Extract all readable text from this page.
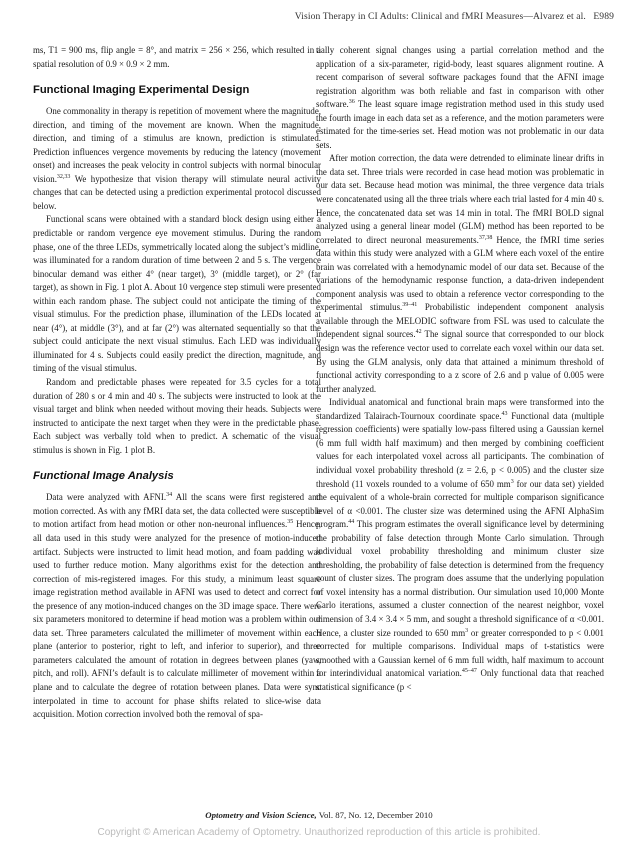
Vision Therapy in CI Adults: Clinical and fMRI Measures—Alvarez et al. E989

ms, T1 = 900 ms, flip angle = 8°, and matrix = 256 × 256, which resulted in a spatial resolution of 0.9 × 0.9 × 2 mm.

Functional Imaging Experimental Design

One commonality in therapy is repetition of movement where the magnitude, direction, and timing of the movement are known. When the magnitude, direction, and timing of a stimulus are known, prediction is stimulated. Prediction influences vergence movements by reducing the latency (movement onset) and increases the peak velocity in control subjects with normal binocular vision.$^{32,33}$ We hypothesize that vision therapy will stimulate neural activity changes that can be detected using a prediction experimental protocol discussed below.

Functional scans were obtained with a standard block design using either a predictable or random vergence eye movement stimulus. During the random phase, one of the three LEDs, symmetrically located along the subject’s midline, was illuminated for a random duration of time between 2 and 5 s. The vergence binocular demand was either 4° (near target), 3° (middle target), or 2° (far target), as shown in Fig. 1 plot A. About 10 vergence step stimuli were presented within each random phase. The subject could not anticipate the timing of the visual stimulus. For the prediction phase, illumination of the LEDs located at near (4°), at middle (3°), and at far (2°) was alternated sequentially so that the subject could anticipate the next visual stimulus. Each LED was individually illuminated for 4 s. Subjects could easily predict the direction, magnitude, and timing of the visual stimulus.

Random and predictable phases were repeated for 3.5 cycles for a total duration of 280 s or 4 min and 40 s. The subjects were instructed to look at the visual target and blink when needed without moving their heads. Subjects were instructed to anticipate the next target when they were in the predictable phase. Each subject was verbally told when to predict. A schematic of the visual stimulus is shown in Fig. 1 plot B.

Functional Image Analysis

Data were analyzed with AFNI.$^{34}$ All the scans were first registered and motion corrected. As with any fMRI data set, the data collected were susceptible to motion artifact from head motion or other non-neuronal influences.$^{35}$ Hence, all data used in this study were analyzed for the presence of motion-induced artifact. Subjects were instructed to limit head motion, and foam padding was used to further reduce motion. Many algorithms exist for the detection and correction of mis-registered images. For this study, a minimum least square image registration method available in AFNI was used to detect and correct for the presence of any motion-induced changes on the 3D image space. There were six parameters monitored to determine if head motion was a problem within our data set. Three parameters calculated the millimeter of movement within each plane (anterior to posterior, right to left, and inferior to superior), and three parameters calculated the amount of rotation in degrees between planes (yaw, pitch, and roll). AFNI’s default is to calculate millimeter of movement within a plane and to calculate the degree of rotation between planes. Data were sync interpolated in time to account for phase shifts related to slice-wise data acquisition. Motion correction involved both the removal of spa-

tially coherent signal changes using a partial correlation method and the application of a six-parameter, rigid-body, least squares alignment routine. A recent comparison of several software packages found that the AFNI image registration algorithm was both reliable and fast in comparison with other software.$^{36}$ The least square image registration method used in this study used the fourth image in each data set as a reference, and the motion parameters were estimated for the time-series set. Head motion was not problematic in our data sets.

After motion correction, the data were detrended to eliminate linear drifts in the data set. Three trials were recorded in case head motion was problematic in our data set. Because head motion was minimal, the three vergence data trials were concatenated using all the three trials where each trial lasted for 4 min 40 s. Hence, the concatenated data set was 14 min in total. The fMRI BOLD signal analyzed using a general linear model (GLM) method has been reported to be correlated to direct neuronal measurements.$^{37,38}$ Hence, the fMRI time series data within this study were analyzed with a GLM where each voxel of the entire brain was correlated with a hemodynamic model of our data set. Because of the variations of the hemodynamic response function, a data-driven independent component analysis was used to obtain a reference vector corresponding to the experimental stimulus.$^{39-41}$ Probabilistic independent component analysis available through the MELODIC software from FSL was used to calculate the independent signal sources.$^{42}$ The signal source that corresponded to our block design was the reference vector used to correlate each voxel within our data set. By using the GLM analysis, only data that attained a minimum threshold of functional activity corresponding to a z score of 2.6 and p value of 0.005 were further analyzed.

Individual anatomical and functional brain maps were transformed into the standardized Talairach-Tournoux coordinate space.$^{43}$ Functional data (multiple regression coefficients) were spatially low-pass filtered using a Gaussian kernel (6 mm full width half maximum) and then merged by combining coefficient values for each interpolated voxel across all participants. The combination of individual voxel probability threshold (z = 2.6, p < 0.005) and the cluster size threshold (11 voxels rounded to a volume of 650 $mm^3$ for our data set) yielded the equivalent of a whole-brain corrected for multiple comparison significance level of α <0.001. The cluster size was determined using the AFNI AlphaSim program.$^{44}$ This program estimates the overall significance level by determining the probability of false detection through Monte Carlo simulation. Through individual voxel probability thresholding and minimum cluster size thresholding, the probability of false detection is determined from the frequency count of cluster sizes. The program does assume that the underlying population of voxel intensity has a normal distribution. Our simulation used 10,000 Monte Carlo iterations, assumed a cluster connection of the nearest neighbor, voxel dimension of 3.4 × 3.4 × 5 mm, and sought a threshold significance of α <0.001. Hence, a cluster size rounded to 650 $mm^3$ or greater corresponded to p < 0.001 corrected for multiple comparisons. Individual maps of t-statistics were smoothed with a Gaussian kernel of 6 mm full width, half maximum to account for interindividual anatomical variation.$^{45-47}$ Only functional data that reached statistical significance (p <

Optometry and Vision Science, Vol. 87, No. 12, December 2010
Copyright © American Academy of Optometry. Unauthorized reproduction of this article is prohibited.
